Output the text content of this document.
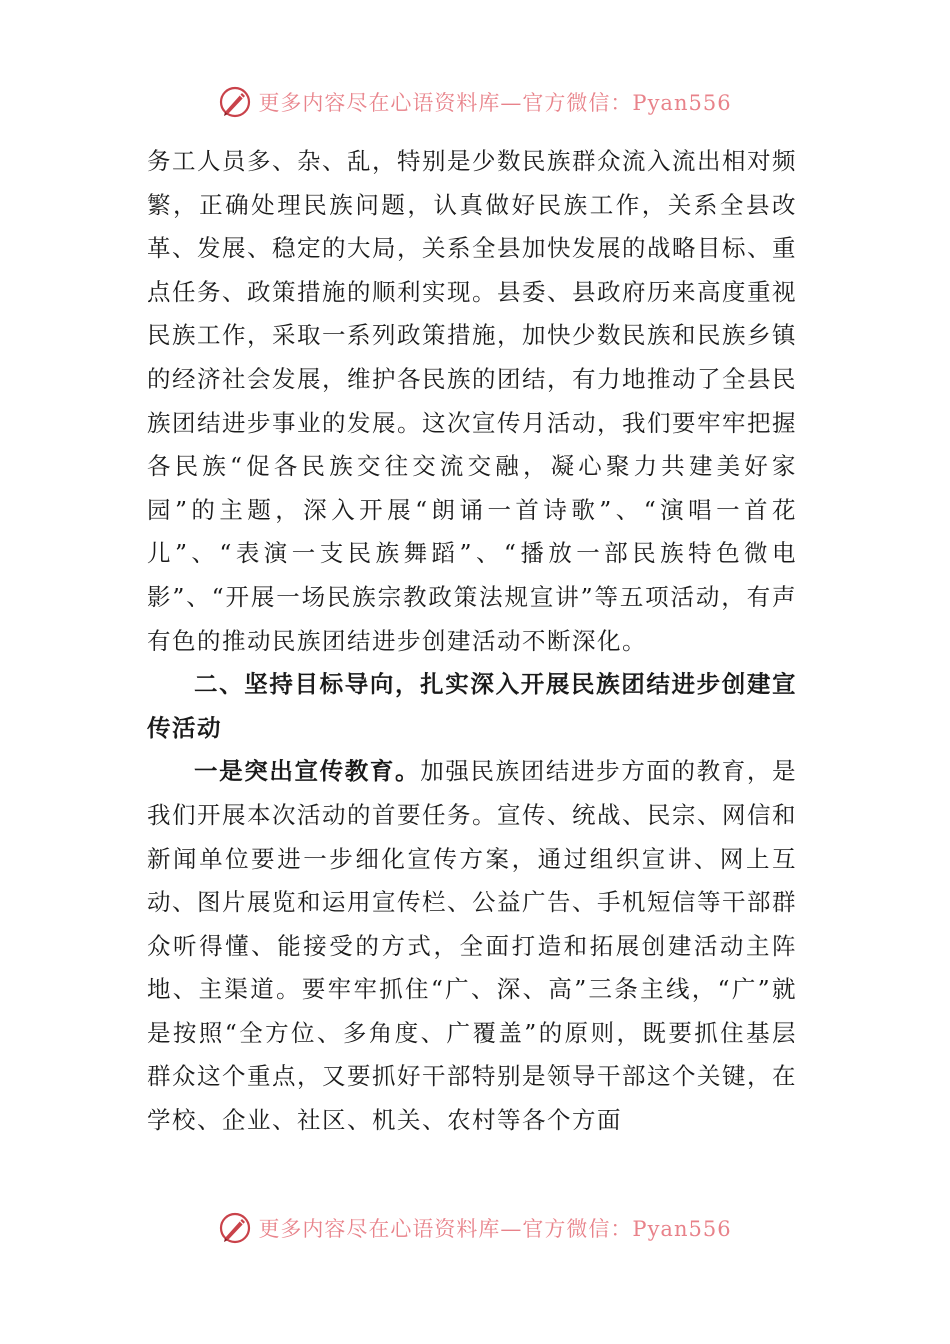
更多内容尽在心语资料库—官方微信：Pyan556

务工人员多、杂、乱，特别是少数民族群众流入流出相对频繁，正确处理民族问题，认真做好民族工作，关系全县改革、发展、稳定的大局，关系全县加快发展的战略目标、重点任务、政策措施的顺利实现。县委、县政府历来高度重视民族工作，采取一系列政策措施，加快少数民族和民族乡镇的经济社会发展，维护各民族的团结，有力地推动了全县民族团结进步事业的发展。这次宣传月活动，我们要牢牢把握各民族“促各民族交往交流交融，凝心聚力共建美好家园”的主题，深入开展“朗诵一首诗歌”、“演唱一首花儿”、“表演一支民族舞蹈”、“播放一部民族特色微电影”、“开展一场民族宗教政策法规宣讲”等五项活动，有声有色的推动民族团结进步创建活动不断深化。

二、坚持目标导向，扎实深入开展民族团结进步创建宣传活动

一是突出宣传教育。加强民族团结进步方面的教育，是我们开展本次活动的首要任务。宣传、统战、民宗、网信和新闻单位要进一步细化宣传方案，通过组织宣讲、网上互动、图片展览和运用宣传栏、公益广告、手机短信等干部群众听得懂、能接受的方式，全面打造和拓展创建活动主阵地、主渠道。要牢牢抓住“广、深、高”三条主线，“广”就是按照“全方位、多角度、广覆盖”的原则，既要抓住基层群众这个重点，又要抓好干部特别是领导干部这个关键，在学校、企业、社区、机关、农村等各个方面

更多内容尽在心语资料库—官方微信：Pyan556
